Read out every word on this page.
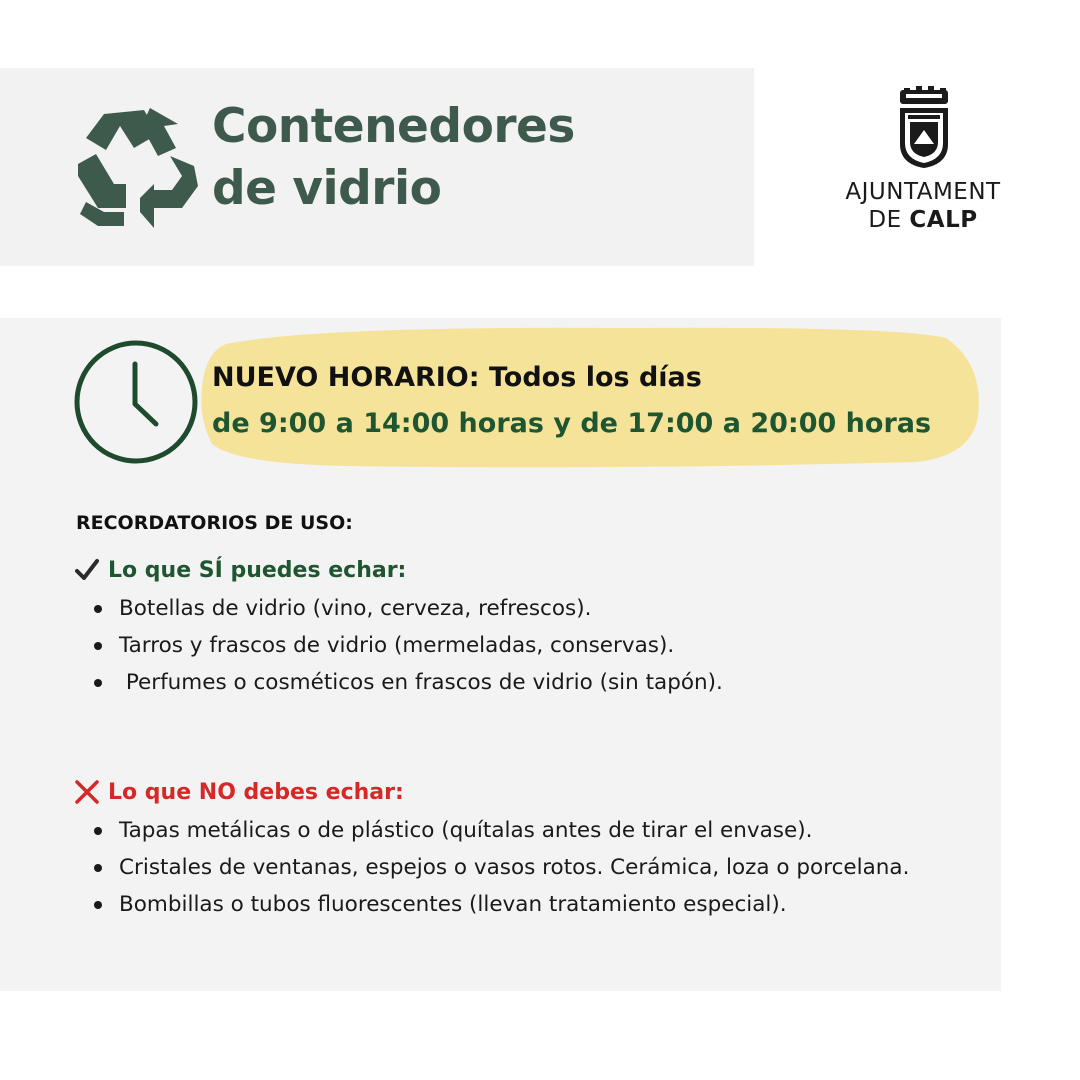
Contenedores
de vidrio	AJUNTAMENT
DE CALP
NUEVO HORARIO: Todos los días
de 9:00 a 14:00 horas y de 17:00 a 20:00 horas
RECORDATORIOS DE USO:
Lo que SÍ puedes echar:
Botellas de vidrio (vino, cerveza, refrescos).
Tarros y frascos de vidrio (mermeladas, conservas).
Perfumes o cosméticos en frascos de vidrio (sin tapón).
Lo que NO debes echar:
Tapas metálicas o de plástico (quítalas antes de tirar el envase).
Cristales de ventanas, espejos o vasos rotos. Cerámica, loza o porcelana.
Bombillas o tubos fluorescentes (llevan tratamiento especial).
